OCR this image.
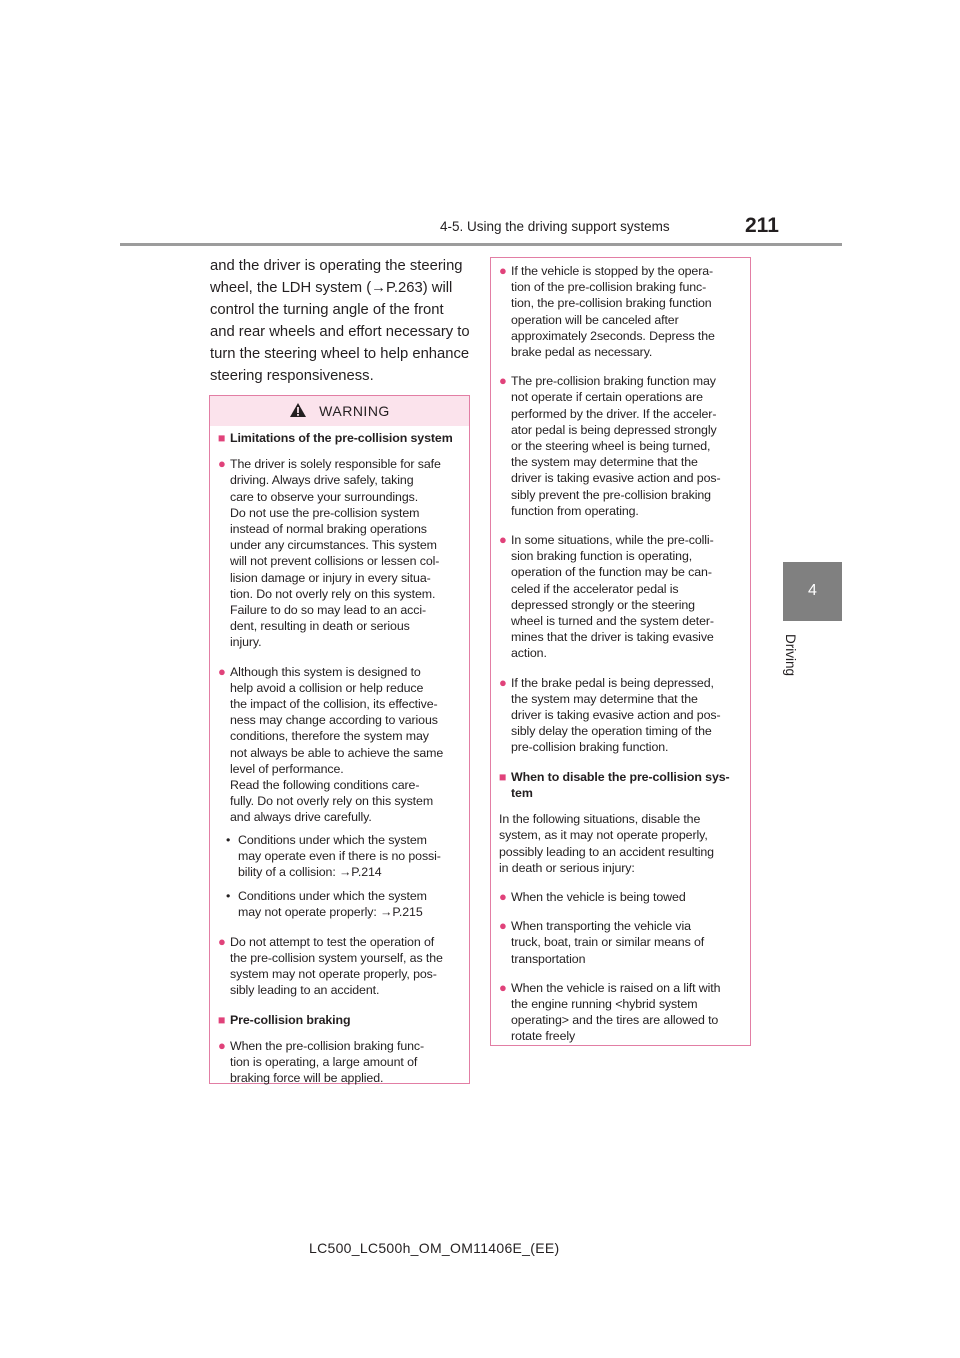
4-5. Using the driving support systems	211
4
Driving
and the driver is operating the steering wheel, the LDH system (→P.263) will control the turning angle of the front and rear wheels and effort necessary to turn the steering wheel to help enhance steering responsiveness.
WARNING
■ Limitations of the pre-collision system
● The driver is solely responsible for safe
driving. Always drive safely, taking
care to observe your surroundings.
Do not use the pre-collision system
instead of normal braking operations
under any circumstances. This system
will not prevent collisions or lessen col-
lision damage or injury in every situa-
tion. Do not overly rely on this system.
Failure to do so may lead to an acci-
dent, resulting in death or serious
injury.
● Although this system is designed to
help avoid a collision or help reduce
the impact of the collision, its effective-
ness may change according to various
conditions, therefore the system may
not always be able to achieve the same
level of performance.
Read the following conditions care-
fully. Do not overly rely on this system
and always drive carefully.
• Conditions under which the system
may operate even if there is no possi-
bility of a collision: →P.214
• Conditions under which the system
may not operate properly: →P.215
● Do not attempt to test the operation of
the pre-collision system yourself, as the
system may not operate properly, pos-
sibly leading to an accident.
■ Pre-collision braking
● When the pre-collision braking func-
tion is operating, a large amount of
braking force will be applied.
● If the vehicle is stopped by the opera-
tion of the pre-collision braking func-
tion, the pre-collision braking function
operation will be canceled after
approximately 2seconds. Depress the
brake pedal as necessary.
● The pre-collision braking function may
not operate if certain operations are
performed by the driver. If the acceler-
ator pedal is being depressed strongly
or the steering wheel is being turned,
the system may determine that the
driver is taking evasive action and pos-
sibly prevent the pre-collision braking
function from operating.
● In some situations, while the pre-colli-
sion braking function is operating,
operation of the function may be can-
celed if the accelerator pedal is
depressed strongly or the steering
wheel is turned and the system deter-
mines that the driver is taking evasive
action.
● If the brake pedal is being depressed,
the system may determine that the
driver is taking evasive action and pos-
sibly delay the operation timing of the
pre-collision braking function.
■ When to disable the pre-collision sys-
tem
In the following situations, disable the
system, as it may not operate properly,
possibly leading to an accident resulting
in death or serious injury:
● When the vehicle is being towed
● When transporting the vehicle via
truck, boat, train or similar means of
transportation
● When the vehicle is raised on a lift with
the engine running <hybrid system
operating> and the tires are allowed to
rotate freely
LC500_LC500h_OM_OM11406E_(EE)
